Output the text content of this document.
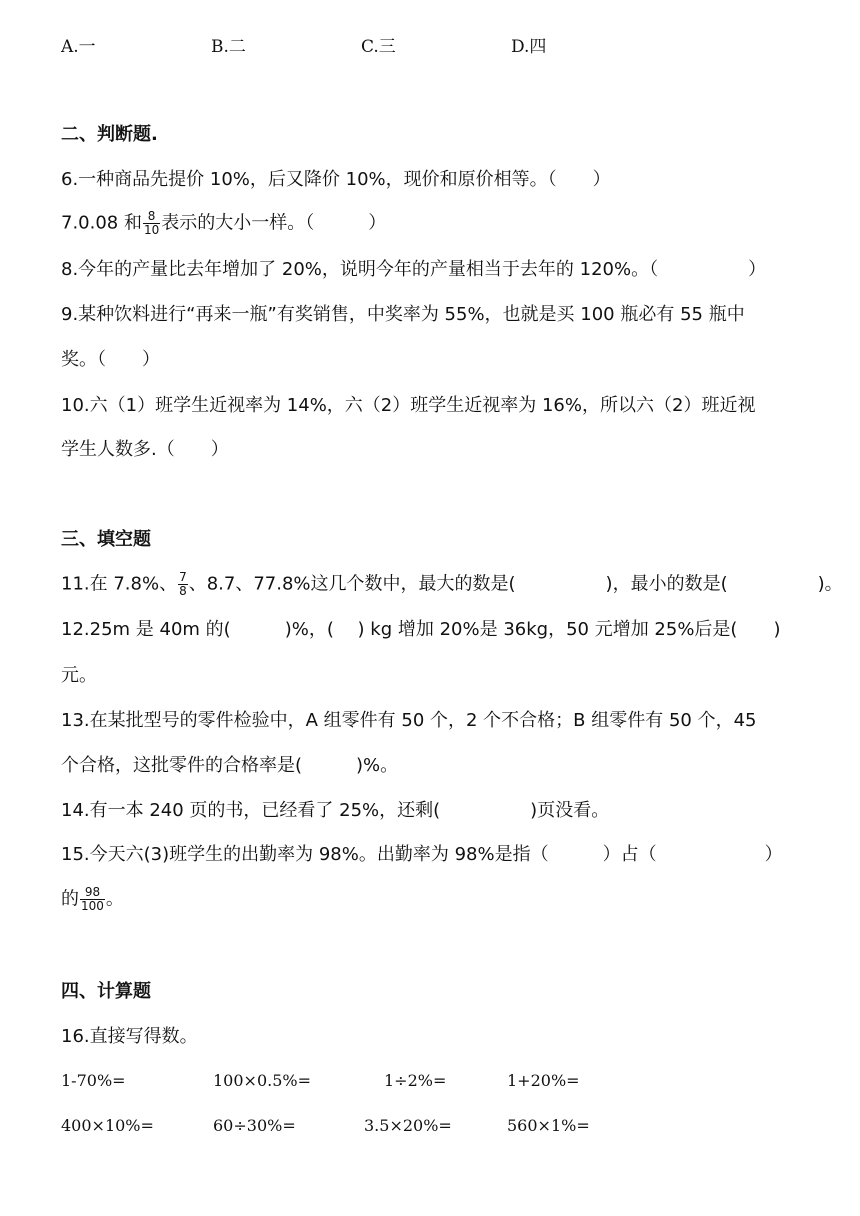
A.一	B.二	C.三	D.四
二、判断题.
6.一种商品先提价 10%，后又降价 10%，现价和原价相等。（　　）
7.0.08 和 $\frac{8}{10}$ 表示的大小一样。（　　　）
8.今年的产量比去年增加了 20%，说明今年的产量相当于去年的 120%。（　　　　　）
9.某种饮料进行“再来一瓶”有奖销售，中奖率为 55%，也就是买 100 瓶必有 55 瓶中
奖。（　　）
10.六（1）班学生近视率为 14%，六（2）班学生近视率为 16%，所以六（2）班近视
学生人数多.（　　）
三、填空题
11.在 7.8%、 $\frac{7}{8}$ 、8.7、77.8%这几个数中，最大的数是(　　　　　)，最小的数是(　　　　　)。
12.25m 是 40m 的(　　　)%，(　 ) kg 增加 20%是 36kg，50 元增加 25%后是(　　)
元。
13.在某批型号的零件检验中，A 组零件有 50 个，2 个不合格；B 组零件有 50 个，45
个合格，这批零件的合格率是(　　　)%。
14.有一本 240 页的书，已经看了 25%，还剩(　　　　　)页没看。
15.今天六(3)班学生的出勤率为 98%。出勤率为 98%是指（　　　）占（　　　　　　）
的 $\frac{98}{100}$ 。
四、计算题
16.直接写得数。
1-70%=	100×0.5%=	1÷2%=	1+20%=
400×10%=	60÷30%=	3.5×20%=	560×1%=
